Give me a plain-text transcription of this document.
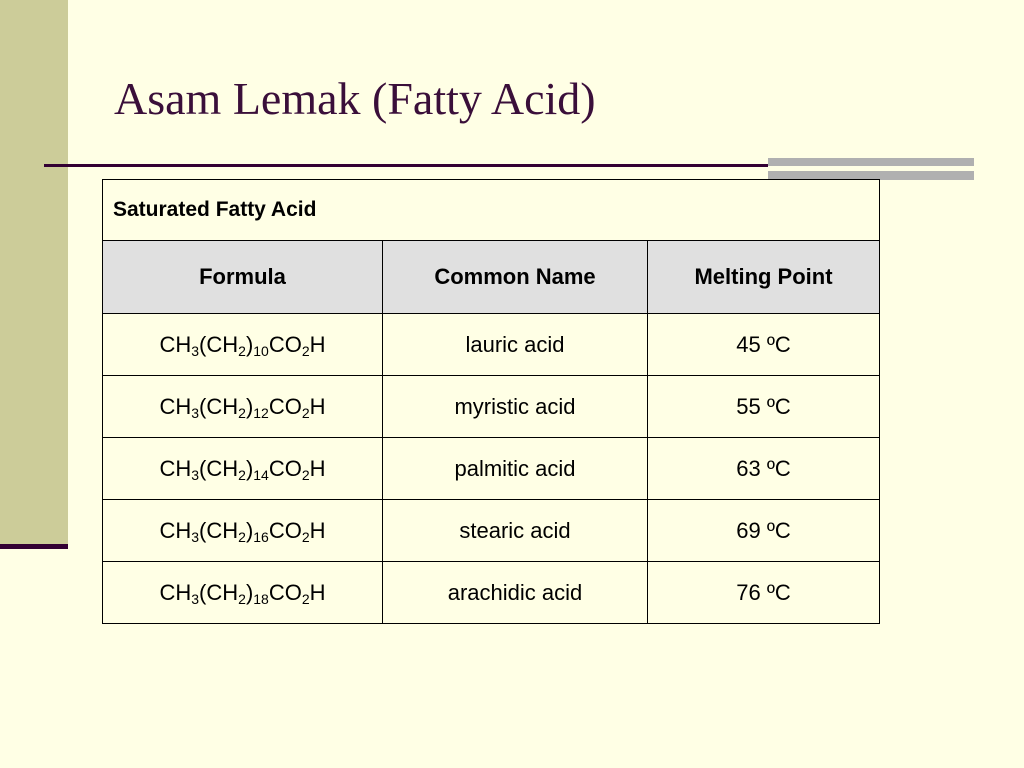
Asam Lemak (Fatty Acid)
Saturated Fatty Acid		
Formula	Common Name	Melting Point
$CH_3(CH_2)_{10}CO_2H$	lauric acid	45 ºC
$CH_3(CH_2)_{12}CO_2H$	myristic acid	55 ºC
$CH_3(CH_2)_{14}CO_2H$	palmitic acid	63 ºC
$CH_3(CH_2)_{16}CO_2H$	stearic acid	69 ºC
$CH_3(CH_2)_{18}CO_2H$	arachidic acid	76 ºC
